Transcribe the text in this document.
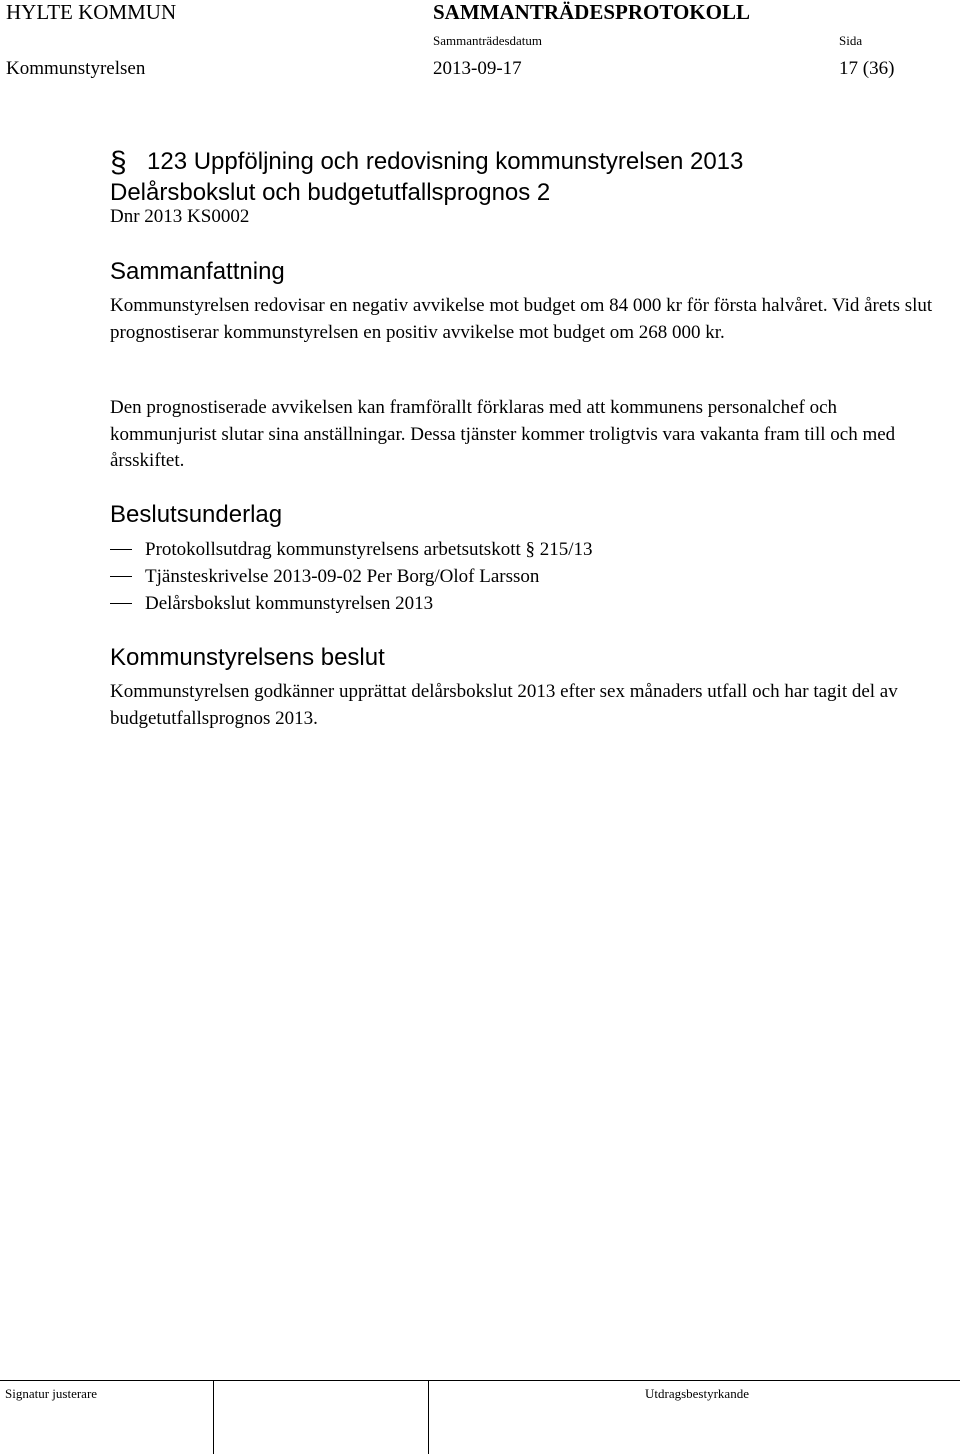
HYLTE KOMMUN	SAMMANTRÄDESPROTOKOLL
Sammanträdesdatum	Sida
Kommunstyrelsen	2013-09-17	17 (36)
§ 123 Uppföljning och redovisning kommunstyrelsen 2013
Delårsbokslut och budgetutfallsprognos 2
Dnr 2013 KS0002
Sammanfattning
Kommunstyrelsen redovisar en negativ avvikelse mot budget om 84 000 kr för första halvåret. Vid årets slut prognostiserar kommunstyrelsen en positiv avvikelse mot budget om 268 000 kr.
Den prognostiserade avvikelsen kan framförallt förklaras med att kommunens personalchef och kommunjurist slutar sina anställningar. Dessa tjänster kommer troligtvis vara vakanta fram till och med årsskiftet.
Beslutsunderlag
Protokollsutdrag kommunstyrelsens arbetsutskott § 215/13
Tjänsteskrivelse 2013-09-02 Per Borg/Olof Larsson
Delårsbokslut kommunstyrelsen 2013
Kommunstyrelsens beslut
Kommunstyrelsen godkänner upprättat delårsbokslut 2013 efter sex månaders utfall och har tagit del av budgetutfallsprognos 2013.
Signatur justerare	Utdragsbestyrkande
